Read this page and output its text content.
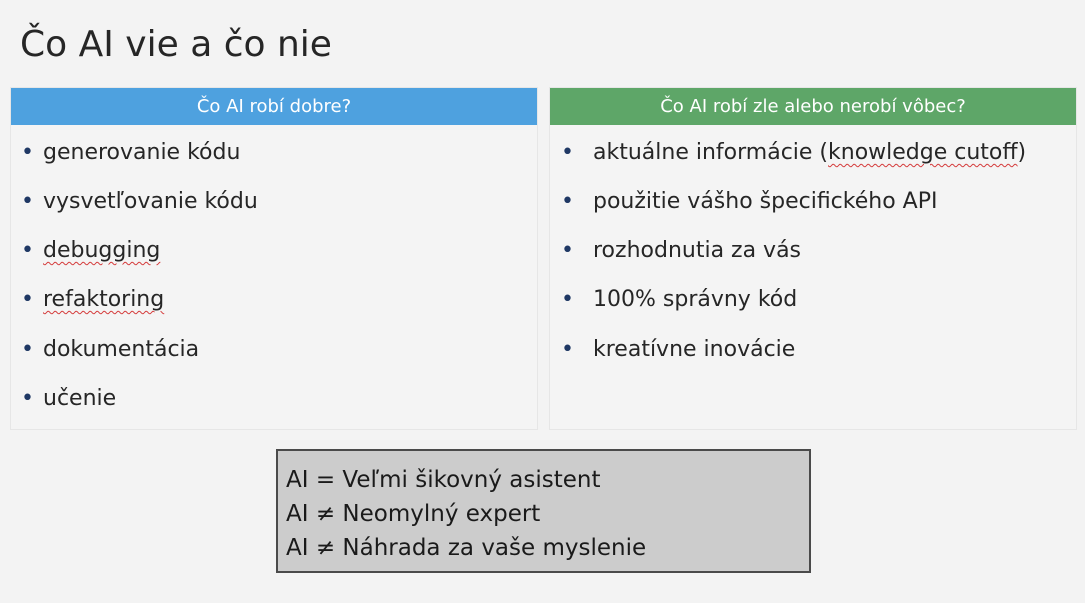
Čo AI vie a čo nie
Čo AI robí dobre?
• generovanie kódu
• vysvetľovanie kódu
• debugging
• refaktoring
• dokumentácia
• učenie
Čo AI robí zle alebo nerobí vôbec?
• aktuálne informácie (knowledge cutoff)
• použitie vášho špecifického API
• rozhodnutia za vás
• 100% správny kód
• kreatívne inovácie
AI = Veľmi šikovný asistent
AI ≠ Neomylný expert
AI ≠ Náhrada za vaše myslenie
